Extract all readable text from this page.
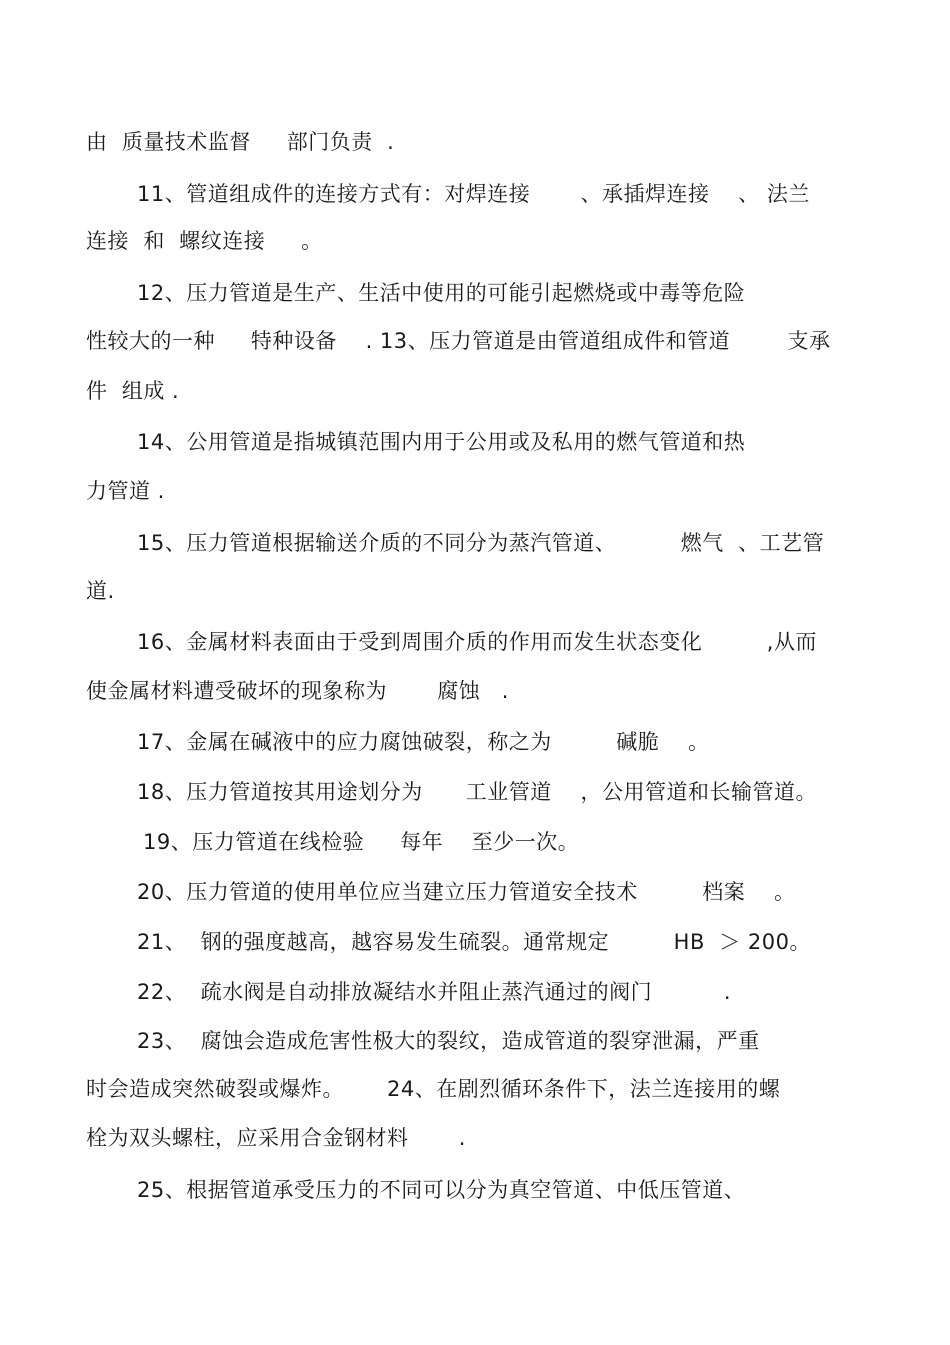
由  质量技术监督     部门负责  .
11、管道组成件的连接方式有：对焊连接       、承插焊连接    、 法兰
连接  和  螺纹连接     。
12、压力管道是生产、生活中使用的可能引起燃烧或中毒等危险
性较大的一种     特种设备    . 13、压力管道是由管道组成件和管道        支承
件  组成 .
14、公用管道是指城镇范围内用于公用或及私用的燃气管道和热
力管道 .
15、压力管道根据输送介质的不同分为蒸汽管道、         燃气  、工艺管
道.
16、金属材料表面由于受到周围介质的作用而发生状态变化         ,从而
使金属材料遭受破坏的现象称为       腐蚀   .
17、金属在碱液中的应力腐蚀破裂，称之为         碱脆    。
18、压力管道按其用途划分为      工业管道    ，公用管道和长输管道。
19、压力管道在线检验     每年    至少一次。
20、压力管道的使用单位应当建立压力管道安全技术         档案    。
21、  钢的强度越高，越容易发生硫裂。通常规定         HB  ＞ 200。
22、  疏水阀是自动排放凝结水并阻止蒸汽通过的阀门          .
23、  腐蚀会造成危害性极大的裂纹，造成管道的裂穿泄漏，严重
时会造成突然破裂或爆炸。      24、在剧烈循环条件下，法兰连接用的螺
栓为双头螺柱，应采用合金钢材料       .
25、根据管道承受压力的不同可以分为真空管道、中低压管道、
